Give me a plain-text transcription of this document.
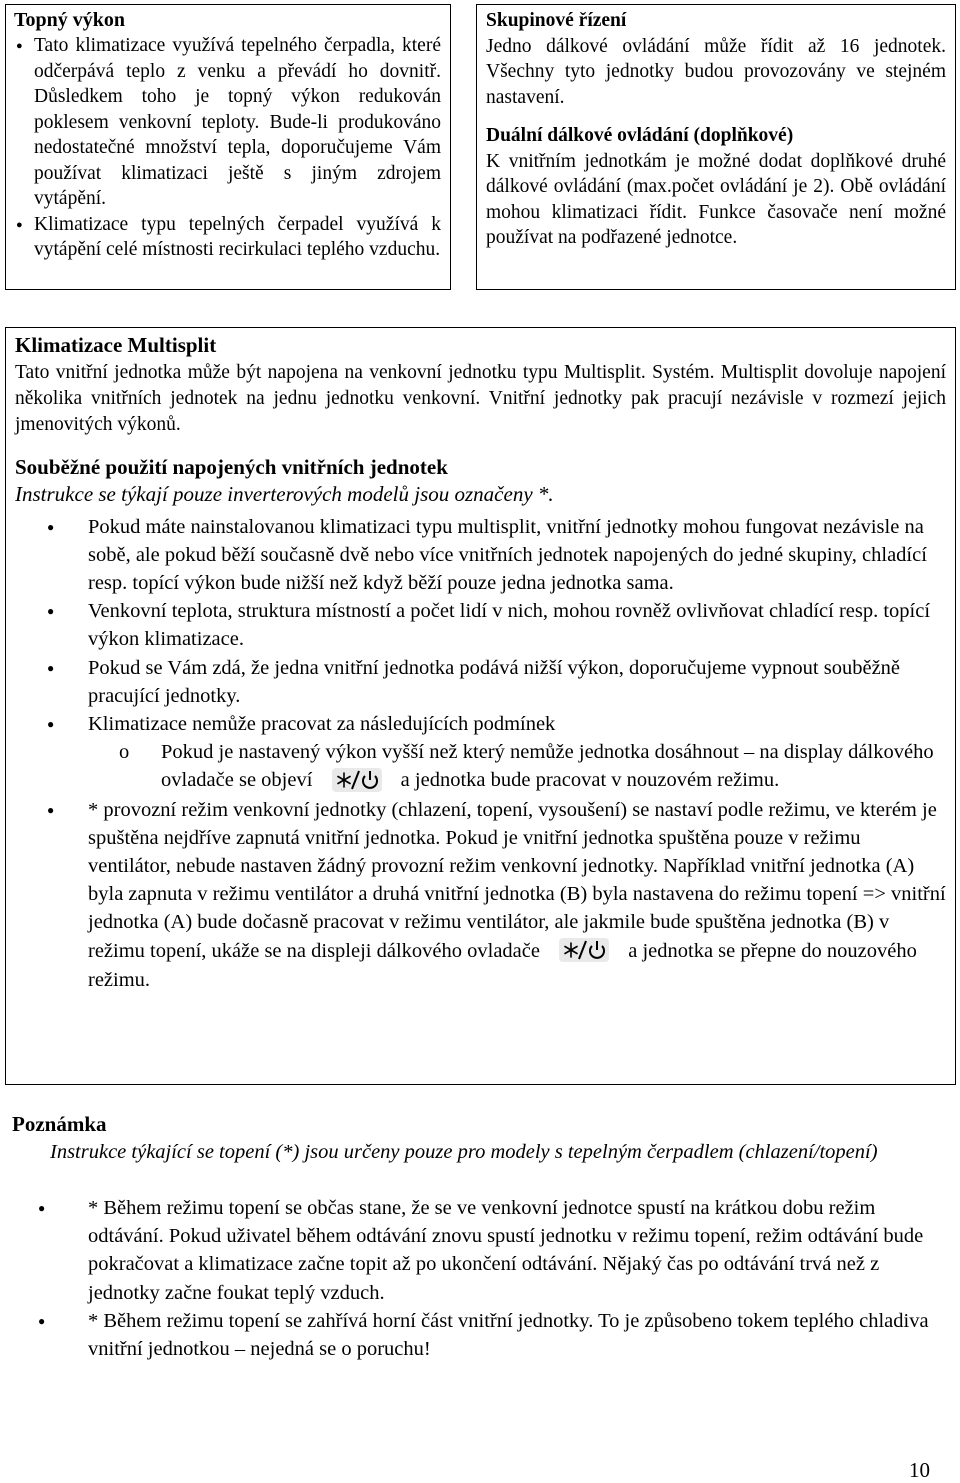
Topný výkon
● Tato klimatizace využívá tepelného čerpadla, které odčerpává teplo z venku a převádí ho dovnitř. Důsledkem toho je topný výkon redukován poklesem venkovní teploty. Bude-li produkováno nedostatečné množství tepla, doporučujeme Vám používat klimatizaci ještě s jiným zdrojem vytápění.
● Klimatizace typu tepelných čerpadel využívá k vytápění celé místnosti recirkulaci teplého vzduchu.
Skupinové řízení
Jedno dálkové ovládání může řídit až 16 jednotek. Všechny tyto jednotky budou provozovány ve stejném nastavení.
Duální dálkové ovládání (doplňkové)
K vnitřním jednotkám je možné dodat doplňkové druhé dálkové ovládání (max.počet ovládání je 2). Obě ovládání mohou klimatizaci řídit. Funkce časovače není možné používat na podřazené jednotce.
Klimatizace Multisplit
Tato vnitřní jednotka může být napojena na venkovní jednotku typu Multisplit. Systém. Multisplit dovoluje napojení několika vnitřních jednotek na jednu jednotku venkovní. Vnitřní jednotky pak pracují nezávisle v rozmezí jejich jmenovitých výkonů.
Souběžné použití napojených vnitřních jednotek
Instrukce se týkají pouze inverterových modelů jsou označeny *.
● Pokud máte nainstalovanou klimatizaci typu multisplit, vnitřní jednotky mohou fungovat nezávisle na sobě, ale pokud běží současně dvě nebo více vnitřních jednotek napojených do jedné skupiny, chladící resp. topící výkon bude nižší než když běží pouze jedna jednotka sama.
● Venkovní teplota, struktura místností a počet lidí v nich, mohou rovněž ovlivňovat chladící resp. topící výkon klimatizace.
● Pokud se Vám zdá, že jedna vnitřní jednotka podává nižší výkon, doporučujeme vypnout souběžně pracující jednotky.
● Klimatizace nemůže pracovat za následujících podmínek
o Pokud je nastavený výkon vyšší než který nemůže jednotka dosáhnout – na display dálkového ovladače se objeví	a jednotka bude pracovat v nouzovém režimu.
● * provozní režim venkovní jednotky (chlazení, topení, vysoušení) se nastaví podle režimu, ve kterém je spuštěna nejdříve zapnutá vnitřní jednotka. Pokud je vnitřní jednotka spuštěna pouze v režimu ventilátor, nebude nastaven žádný provozní režim venkovní jednotky. Například vnitřní jednotka (A) byla zapnuta v režimu ventilátor a druhá vnitřní jednotka (B) byla nastavena do režimu topení => vnitřní jednotka (A) bude dočasně pracovat v režimu ventilátor, ale jakmile bude spuštěna jednotka (B) v režimu topení, ukáže se na displeji dálkového ovladače	a jednotka se přepne do nouzového režimu.
Poznámka
Instrukce týkající se topení (*) jsou určeny pouze pro modely s tepelným čerpadlem (chlazení/topení)
● * Během režimu topení se občas stane, že se ve venkovní jednotce spustí na krátkou dobu režim odtávání. Pokud uživatel během odtávání znovu spustí jednotku v režimu topení, režim odtávání bude pokračovat a klimatizace začne topit až po ukončení odtávání. Nějaký čas po odtávání trvá než z jednotky začne foukat teplý vzduch.
● * Během režimu topení se zahřívá horní část vnitřní jednotky. To je způsobeno tokem teplého chladiva vnitřní jednotkou – nejedná se o poruchu!
10
